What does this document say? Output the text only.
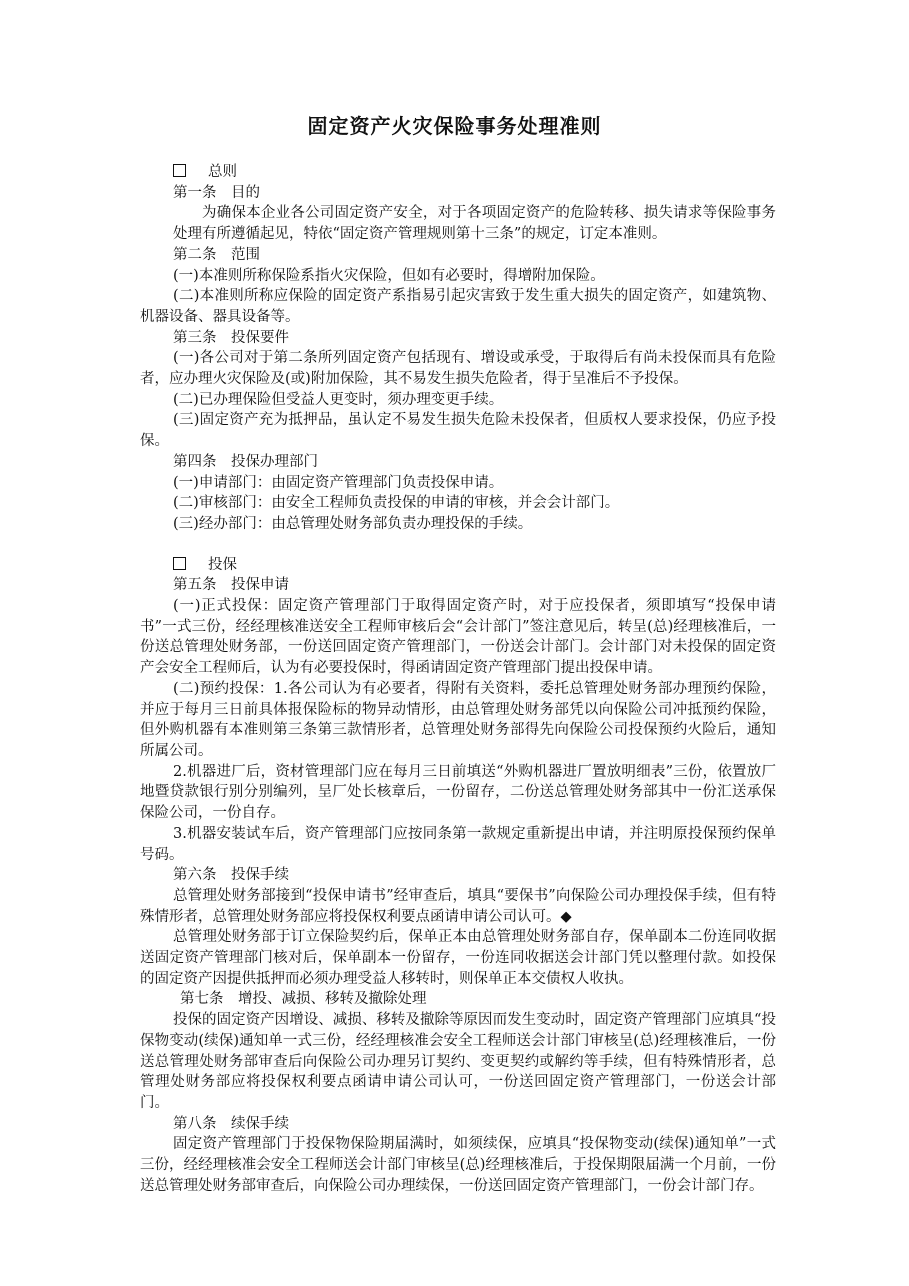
固定资产火灾保险事务处理准则

总则

第一条　目的

为确保本企业各公司固定资产安全，对于各项固定资产的危险转移、损失请求等保险事务处理有所遵循起见，特依“固定资产管理规则第十三条”的规定，订定本准则。

第二条　范围

(一)本准则所称保险系指火灾保险，但如有必要时，得增附加保险。

(二)本准则所称应保险的固定资产系指易引起灾害致于发生重大损失的固定资产，如建筑物、机器设备、器具设备等。

第三条　投保要件

(一)各公司对于第二条所列固定资产包括现有、增设或承受，于取得后有尚未投保而具有危险者，应办理火灾保险及(或)附加保险，其不易发生损失危险者，得于呈准后不予投保。

(二)已办理保险但受益人更变时，须办理变更手续。

(三)固定资产充为抵押品，虽认定不易发生损失危险未投保者，但质权人要求投保，仍应予投保。

第四条　投保办理部门

(一)申请部门：由固定资产管理部门负责投保申请。

(二)审核部门：由安全工程师负责投保的申请的审核，并会会计部门。

(三)经办部门：由总管理处财务部负责办理投保的手续。

投保

第五条　投保申请

(一)正式投保：固定资产管理部门于取得固定资产时，对于应投保者，须即填写“投保申请书”一式三份，经经理核准送安全工程师审核后会“会计部门”签注意见后，转呈(总)经理核准后，一份送总管理处财务部，一份送回固定资产管理部门，一份送会计部门。会计部门对未投保的固定资产会安全工程师后，认为有必要投保时，得函请固定资产管理部门提出投保申请。

(二)预约投保：1.各公司认为有必要者，得附有关资料，委托总管理处财务部办理预约保险，并应于每月三日前具体报保险标的物异动情形，由总管理处财务部凭以向保险公司冲抵预约保险，但外购机器有本准则第三条第三款情形者，总管理处财务部得先向保险公司投保预约火险后，通知所属公司。

2.机器进厂后，资材管理部门应在每月三日前填送“外购机器进厂置放明细表”三份，依置放厂地暨贷款银行别分别编列，呈厂处长核章后，一份留存，二份送总管理处财务部其中一份汇送承保保险公司，一份自存。

3.机器安装试车后，资产管理部门应按同条第一款规定重新提出申请，并注明原投保预约保单号码。

第六条　投保手续

总管理处财务部接到“投保申请书”经审查后，填具“要保书”向保险公司办理投保手续，但有特殊情形者，总管理处财务部应将投保权利要点函请申请公司认可。◆

总管理处财务部于订立保险契约后，保单正本由总管理处财务部自存，保单副本二份连同收据送固定资产管理部门核对后，保单副本一份留存，一份连同收据送会计部门凭以整理付款。如投保的固定资产因提供抵押而必须办理受益人移转时，则保单正本交债权人收执。

第七条　增投、减损、移转及撤除处理

投保的固定资产因增设、减损、移转及撤除等原因而发生变动时，固定资产管理部门应填具“投保物变动(续保)通知单一式三份，经经理核准会安全工程师送会计部门审核呈(总)经理核准后，一份送总管理处财务部审查后向保险公司办理另订契约、变更契约或解约等手续，但有特殊情形者，总管理处财务部应将投保权利要点函请申请公司认可，一份送回固定资产管理部门，一份送会计部门。

第八条　续保手续

固定资产管理部门于投保物保险期届满时，如须续保，应填具“投保物变动(续保)通知单”一式三份，经经理核准会安全工程师送会计部门审核呈(总)经理核准后，于投保期限届满一个月前，一份送总管理处财务部审查后，向保险公司办理续保，一份送回固定资产管理部门，一份会计部门存。
